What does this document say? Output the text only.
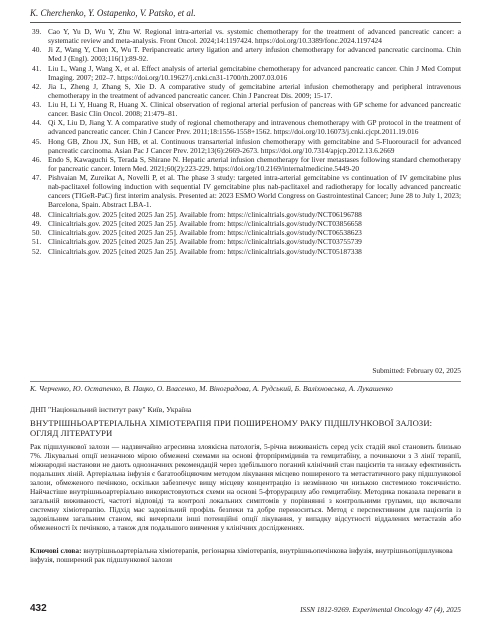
K. Cherchenko, Y. Ostapenko, V. Patsko, et al.
39. Cao Y, Yu D, Wu Y, Zhu W. Regional intra-arterial vs. systemic chemotherapy for the treatment of advanced pancreatic cancer: a systematic review and meta-analysis. Front Oncol. 2024;14:1197424. https://doi.org/10.3389/fonc.2024.1197424
40. Ji Z, Wang Y, Chen X, Wu T. Peripancreatic artery ligation and artery infusion chemotherapy for advanced pancreatic carcinoma. Chin Med J (Engl). 2003;116(1):89-92.
41. Liu L, Wang J, Wang X, et al. Effect analysis of arterial gemcitabine chemotherapy for advanced pancreatic cancer. Chin J Med Comput Imaging. 2007; 202–7. https://doi.org/10.19627/j.cnki.cn31-1700/th.2007.03.016
42. Jia L, Zheng J, Zhang S, Xie D. A comparative study of gemcitabine arterial infusion chemotherapy and peripheral intravenous chemotherapy in the treatment of advanced pancreatic cancer. Chin J Pancreat Dis. 2009; 15-17.
43. Liu H, Li Y, Huang R, Huang X. Clinical observation of regional arterial perfusion of pancreas with GP scheme for advanced pancreatic cancer. Basic Clin Oncol. 2008; 21:479–81.
44. Qi X, Liu D, Jiang Y. A comparative study of regional chemotherapy and intravenous chemotherapy with GP protocol in the treatment of advanced pancreatic cancer. Chin J Cancer Prev. 2011;18:1556-1558+1562. https://doi.org/10.16073/j.cnki.cjcpt.2011.19.016
45. Hong GB, Zhou JX, Sun HB, et al. Continuous transarterial infusion chemotherapy with gemcitabine and 5-Fluorouracil for advanced pancreatic carcinoma. Asian Pac J Cancer Prev. 2012;13(6):2669-2673. https://doi.org/10.7314/apjcp.2012.13.6.2669
46. Endo S, Kawaguchi S, Terada S, Shirane N. Hepatic arterial infusion chemotherapy for liver metastases following standard chemotherapy for pancreatic cancer. Intern Med. 2021;60(2):223-229. https://doi.org/10.2169/internalmedicine.5449-20
47. Pishvaian M, Zureikat A, Novelli P, et al. The phase 3 study: targeted intra-arterial gemcitabine vs continuation of IV gemcitabine plus nab-paclitaxel following induction with sequential IV gemcitabine plus nab-paclitaxel and radiotherapy for locally advanced pancreatic cancers (TIGeR-PaC) first interim analysis. Presented at: 2023 ESMO World Congress on Gastrointestinal Cancer; June 28 to July 1, 2023; Barcelona, Spain. Abstract LBA-1.
48. Clinicaltrials.gov. 2025 [cited 2025 Jan 25]. Available from: https://clinicaltrials.gov/study/NCT06196788
49. Clinicaltrials.gov. 2025 [cited 2025 Jan 25]. Available from: https://clinicaltrials.gov/study/NCT03856658
50. Clinicaltrials.gov. 2025 [cited 2025 Jan 25]. Available from: https://clinicaltrials.gov/study/NCT06538623
51. Clinicaltrials.gov. 2025 [cited 2025 Jan 25]. Available from: https://clinicaltrials.gov/study/NCT03755739
52. Clinicaltrials.gov. 2025 [cited 2025 Jan 25]. Available from: https://clinicaltrials.gov/study/NCT05187338
Submitted: February 02, 2025
К. Черченко, Ю. Остапенко, В. Пацко, О. Власенко, М. Віноградова, А. Рудський, Б. Валіхновська, А. Лукашенко
ДНП "Національний інститут раку" Київ, Україна
ВНУТРІШНЬОАРТЕРІАЛЬНА ХІМІОТЕРАПІЯ ПРИ ПОШИРЕНОМУ РАКУ ПІДШЛУНКОВОЇ ЗАЛОЗИ: ОГЛЯД ЛІТЕРАТУРИ
Рак підшлункової залози — надзвичайно агресивна злоякісна патологія, 5-річна виживаність серед усіх стадій якої становить близько 7%. Лікувальні опції незначною мірою обмежені схемами на основі фторпіримідинів та гемцитабіну, а починаючи з 3 лінії терапії, міжнародні настанови не дають однозначних рекомендацій через здебільшого поганий клінічний стан пацієнтів та низьку ефективність подальших ліній. Артеріальна інфузія є багатообіцяючим методом лікування місцево поширеного та метастатичного раку підшлункової залози, обмеженого печінкою, оскільки забезпечує вищу місцеву концентрацію із незмінною чи низькою системною токсичністю. Найчастіше внутрішньоартеріально використовуються схеми на основі 5-фторурацилу або гемцитабіну. Методика показала переваги в загальній виживаності, частоті відповіді та контролі локальних симптомів у порівнянні з контрольними групами, що включали системну хіміотерапію. Підхід має задовільний профіль безпеки та добре переноситься. Метод є перспективним для пацієнтів із задовільним загальним станом, які вичерпали інші потенційні опції лікування, у випадку відсутності віддалених метастазів або обмеженості їх печінкою, а також для подальшого вивчення у клінічних дослідженнях.
Ключові слова: внутрішньоартеріальна хіміотерапія, регіонарна хіміотерапія, внутрішньопечінкова інфузія, внутрішньопідшлункова інфузія, поширений рак підшлункової залози
432	ISSN 1812-9269. Experimental Oncology 47 (4), 2025
